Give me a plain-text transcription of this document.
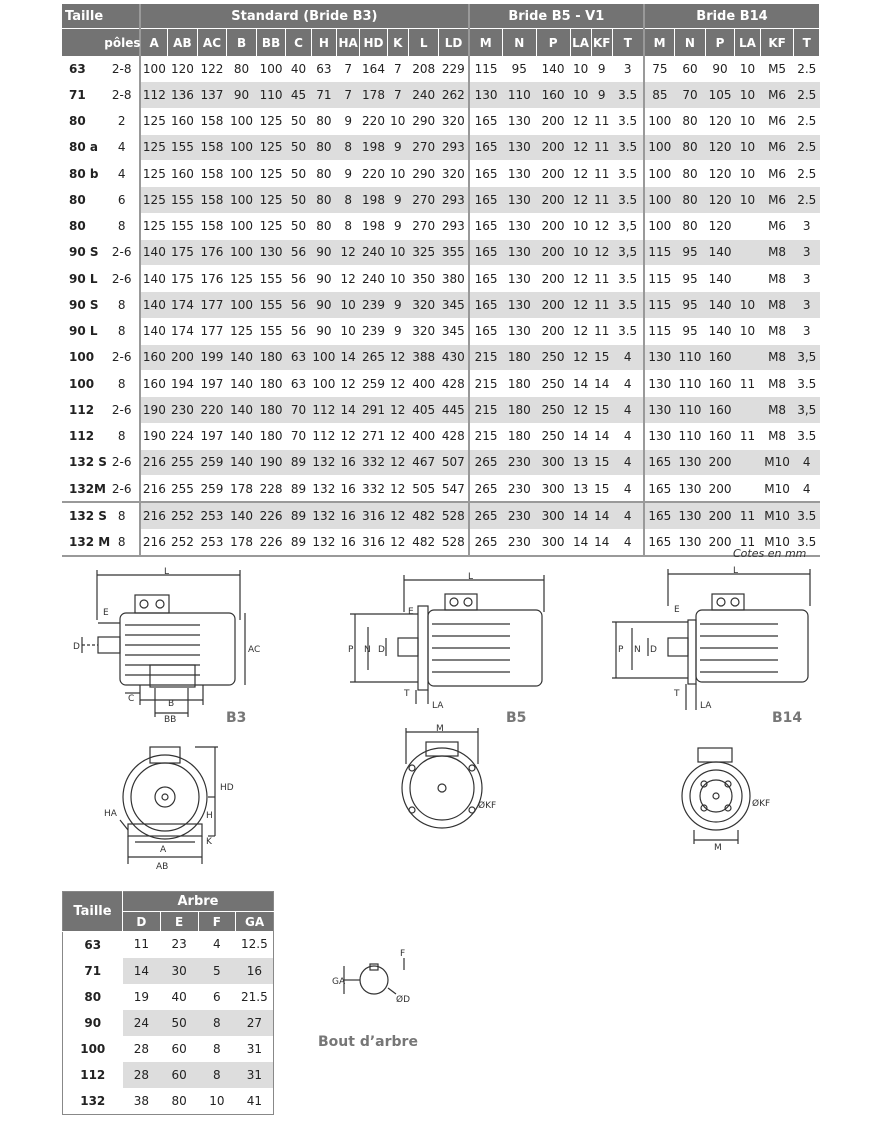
Taille		Standard (Bride B3)												Bride B5 - V1						Bride B14					
	pôles	A	AB	AC	B	BB	C	H	HA	HD	K	L	LD	M	N	P	LA	KF	T	M	N	P	LA	KF	T
63	2-8	100	120	122	80	100	40	63	7	164	7	208	229	115	95	140	10	9	3	75	60	90	10	M5	2.5
71	2-8	112	136	137	90	110	45	71	7	178	7	240	262	130	110	160	10	9	3.5	85	70	105	10	M6	2.5
80	2	125	160	158	100	125	50	80	9	220	10	290	320	165	130	200	12	11	3.5	100	80	120	10	M6	2.5
80 a	4	125	155	158	100	125	50	80	8	198	9	270	293	165	130	200	12	11	3.5	100	80	120	10	M6	2.5
80 b	4	125	160	158	100	125	50	80	9	220	10	290	320	165	130	200	12	11	3.5	100	80	120	10	M6	2.5
80	6	125	155	158	100	125	50	80	8	198	9	270	293	165	130	200	12	11	3.5	100	80	120	10	M6	2.5
80	8	125	155	158	100	125	50	80	8	198	9	270	293	165	130	200	10	12	3,5	100	80	120		M6	3
90 S	2-6	140	175	176	100	130	56	90	12	240	10	325	355	165	130	200	10	12	3,5	115	95	140		M8	3
90 L	2-6	140	175	176	125	155	56	90	12	240	10	350	380	165	130	200	12	11	3.5	115	95	140		M8	3
90 S	8	140	174	177	100	155	56	90	10	239	9	320	345	165	130	200	12	11	3.5	115	95	140	10	M8	3
90 L	8	140	174	177	125	155	56	90	10	239	9	320	345	165	130	200	12	11	3.5	115	95	140	10	M8	3
100	2-6	160	200	199	140	180	63	100	14	265	12	388	430	215	180	250	12	15	4	130	110	160		M8	3,5
100	8	160	194	197	140	180	63	100	12	259	12	400	428	215	180	250	14	14	4	130	110	160	11	M8	3.5
112	2-6	190	230	220	140	180	70	112	14	291	12	405	445	215	180	250	12	15	4	130	110	160		M8	3,5
112	8	190	224	197	140	180	70	112	12	271	12	400	428	215	180	250	14	14	4	130	110	160	11	M8	3.5
132 S	2-6	216	255	259	140	190	89	132	16	332	12	467	507	265	230	300	13	15	4	165	130	200		M10	4
132M	2-6	216	255	259	178	228	89	132	16	332	12	505	547	265	230	300	13	15	4	165	130	200		M10	4
132 S	8	216	252	253	140	226	89	132	16	316	12	482	528	265	230	300	14	14	4	165	130	200	11	M10	3.5
132 M	8	216	252	253	178	226	89	132	16	316	12	482	528	265	230	300	14	14	4	165	130	200	11	M10	3.5
Cotes en mm
L
E
D	AC
C	B
BB	B3
L
E
P N D
T
LA
B5
L
E
P N D
T
LA
B14
HD
HA	H
K
A
AB
M
ØKF
M
ØKF
Taille	Arbre			
	D	E	F	GA
63	11	23	4	12.5
71	14	30	5	16
80	19	40	6	21.5
90	24	50	8	27
100	28	60	8	31
112	28	60	8	31
132	38	80	10	41
F
GA
ØD
Bout d’arbre
